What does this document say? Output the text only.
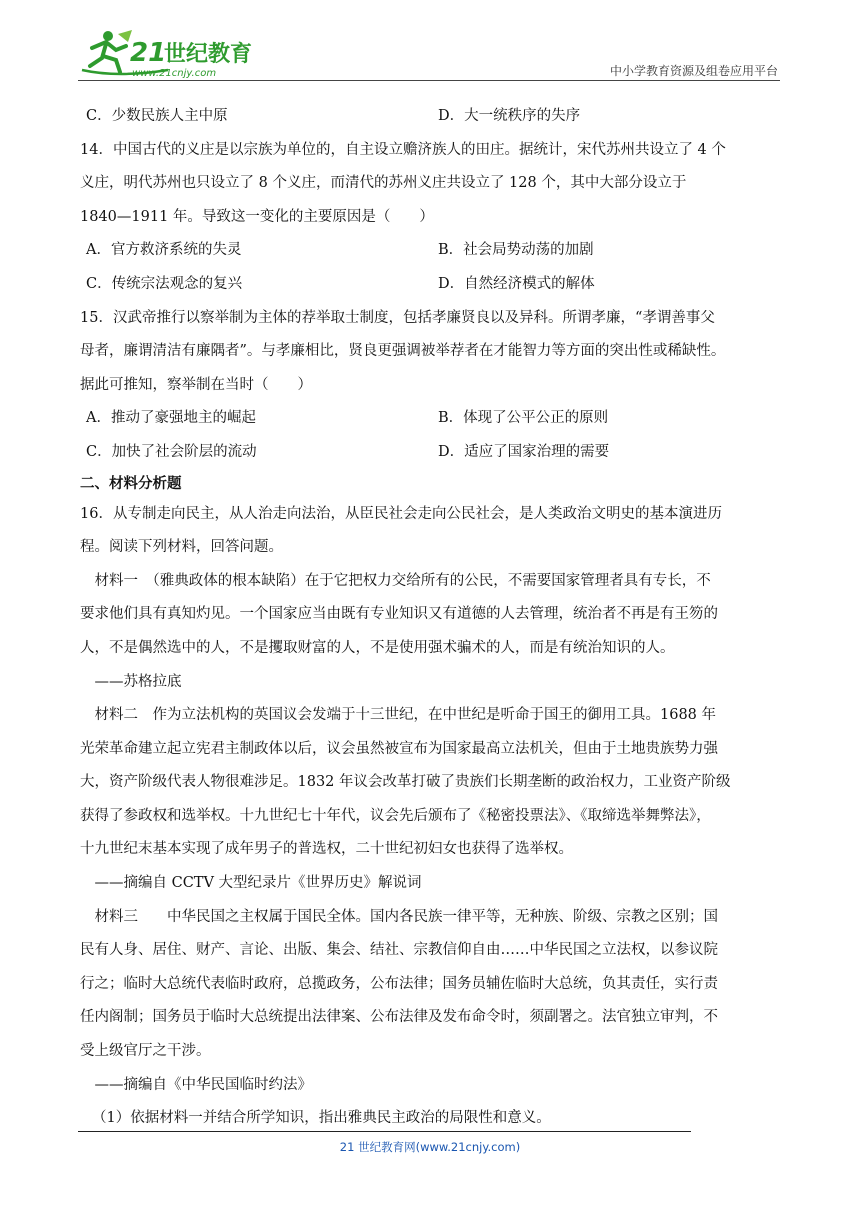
21
世纪教育
www.21cnjy.com	中小学教育资源及组卷应用平台
C．少数民族人主中原	D．大一统秩序的失序
14．中国古代的义庄是以宗族为单位的，自主设立赡济族人的田庄。据统计，宋代苏州共设立了 4 个
义庄，明代苏州也只设立了 8 个义庄，而清代的苏州义庄共设立了 128 个，其中大部分设立于
1840—1911 年。导致这一变化的主要原因是（　　）
A．官方救济系统的失灵	B．社会局势动荡的加剧
C．传统宗法观念的复兴	D．自然经济模式的解体
15．汉武帝推行以察举制为主体的荐举取士制度，包括孝廉贤良以及异科。所谓孝廉，“孝谓善事父
母者，廉谓清洁有廉隅者”。与孝廉相比，贤良更强调被举荐者在才能智力等方面的突出性或稀缺性。
据此可推知，察举制在当时（　　）
A．推动了豪强地主的崛起	B．体现了公平公正的原则
C．加快了社会阶层的流动	D．适应了国家治理的需要
二、材料分析题
16．从专制走向民主，从人治走向法治，从臣民社会走向公民社会，是人类政治文明史的基本演进历
程。阅读下列材料，回答问题。
　材料一　（雅典政体的根本缺陷）在于它把权力交给所有的公民，不需要国家管理者具有专长，不
要求他们具有真知灼见。一个国家应当由既有专业知识又有道德的人去管理，统治者不再是有王笏的
人，不是偶然选中的人，不是攫取财富的人，不是使用强术骗术的人，而是有统治知识的人。
　——苏格拉底
　材料二　作为立法机构的英国议会发端于十三世纪，在中世纪是听命于国王的御用工具。1688 年
光荣革命建立起立宪君主制政体以后，议会虽然被宣布为国家最高立法机关，但由于土地贵族势力强
大，资产阶级代表人物很难涉足。1832 年议会改革打破了贵族们长期垄断的政治权力，工业资产阶级
获得了参政权和选举权。十九世纪七十年代，议会先后颁布了《秘密投票法》、《取缔选举舞弊法》，
十九世纪末基本实现了成年男子的普选权，二十世纪初妇女也获得了选举权。
　——摘编自 CCTV 大型纪录片《世界历史》解说词
　材料三　　中华民国之主权属于国民全体。国内各民族一律平等，无种族、阶级、宗教之区别；国
民有人身、居住、财产、言论、出版、集会、结社、宗教信仰自由……中华民国之立法权，以参议院
行之；临时大总统代表临时政府，总揽政务，公布法律；国务员辅佐临时大总统，负其责任，实行责
任内阁制；国务员于临时大总统提出法律案、公布法律及发布命令时，须副署之。法官独立审判，不
受上级官厅之干涉。
　——摘编自《中华民国临时约法》
（1）依据材料一并结合所学知识，指出雅典民主政治的局限性和意义。
21 世纪教育网(www.21cnjy.com)
